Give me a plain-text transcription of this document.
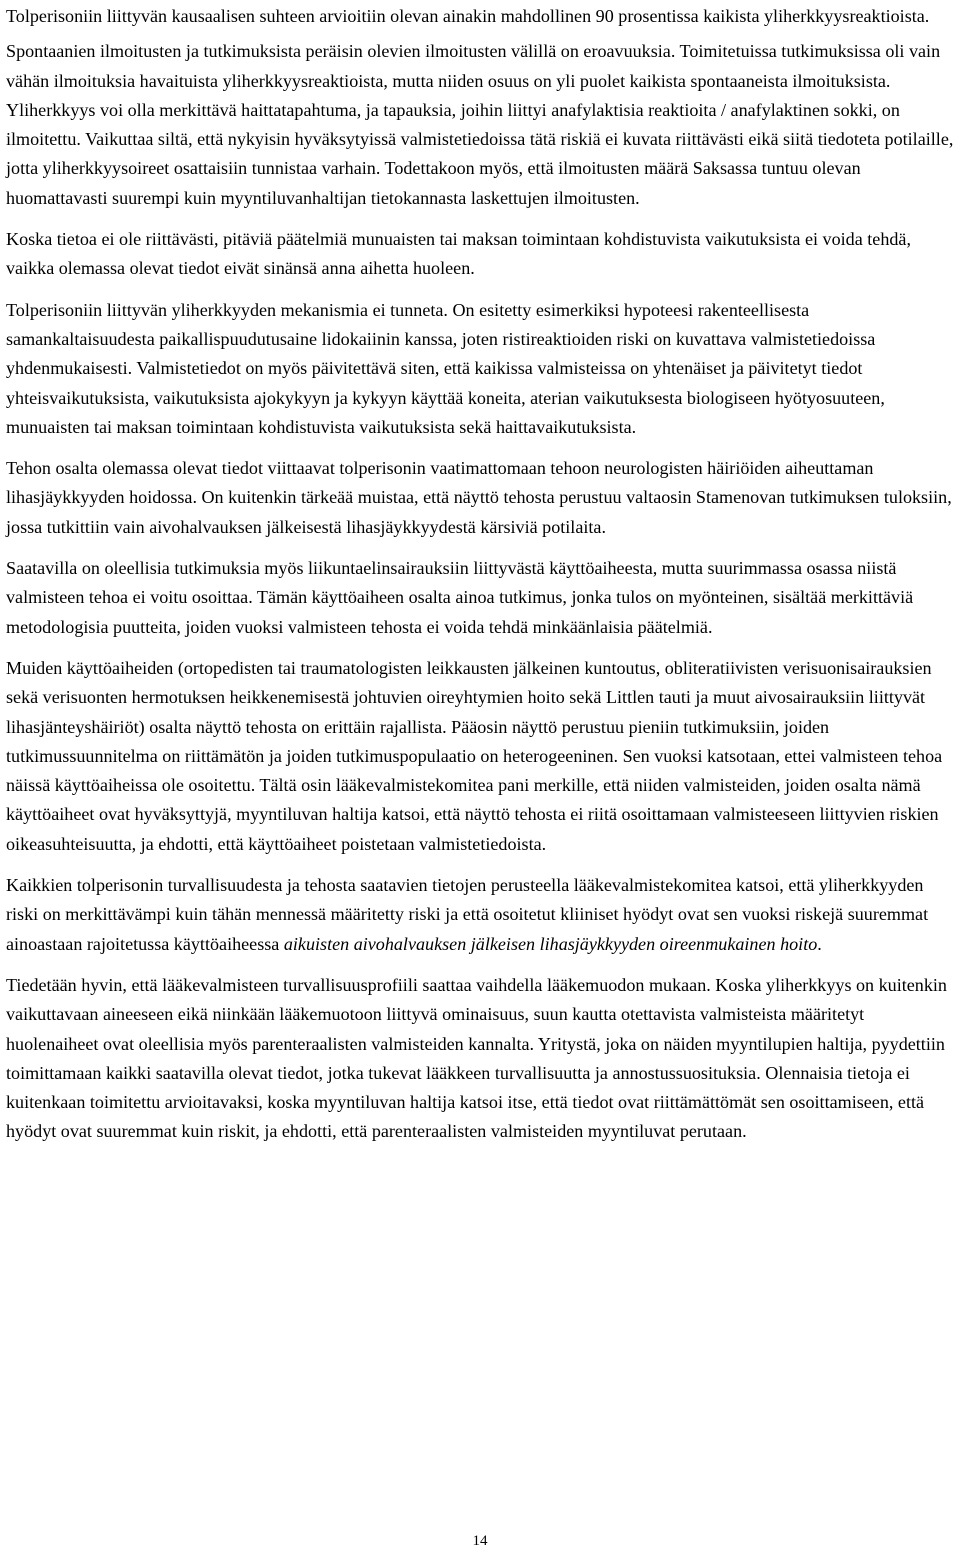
Tolperisoniin liittyvän kausaalisen suhteen arvioitiin olevan ainakin mahdollinen 90 prosentissa kaikista yliherkkyysreaktioista.

Spontaanien ilmoitusten ja tutkimuksista peräisin olevien ilmoitusten välillä on eroavuuksia. Toimitetuissa tutkimuksissa oli vain vähän ilmoituksia havaituista yliherkkyysreaktioista, mutta niiden osuus on yli puolet kaikista spontaaneista ilmoituksista. Yliherkkyys voi olla merkittävä haittatapahtuma, ja tapauksia, joihin liittyi anafylaktisia reaktioita / anafylaktinen sokki, on ilmoitettu. Vaikuttaa siltä, että nykyisin hyväksytyissä valmistetiedoissa tätä riskiä ei kuvata riittävästi eikä siitä tiedoteta potilaille, jotta yliherkkyysoireet osattaisiin tunnistaa varhain. Todettakoon myös, että ilmoitusten määrä Saksassa tuntuu olevan huomattavasti suurempi kuin myyntiluvanhaltijan tietokannasta laskettujen ilmoitusten.

Koska tietoa ei ole riittävästi, pitäviä päätelmiä munuaisten tai maksan toimintaan kohdistuvista vaikutuksista ei voida tehdä, vaikka olemassa olevat tiedot eivät sinänsä anna aihetta huoleen.

Tolperisoniin liittyvän yliherkkyyden mekanismia ei tunneta. On esitetty esimerkiksi hypoteesi rakenteellisesta samankaltaisuudesta paikallispuudutusaine lidokaiinin kanssa, joten ristireaktioiden riski on kuvattava valmistetiedoissa yhdenmukaisesti. Valmistetiedot on myös päivitettävä siten, että kaikissa valmisteissa on yhtenäiset ja päivitetyt tiedot yhteisvaikutuksista, vaikutuksista ajokykyyn ja kykyyn käyttää koneita, aterian vaikutuksesta biologiseen hyötyosuuteen, munuaisten tai maksan toimintaan kohdistuvista vaikutuksista sekä haittavaikutuksista.

Tehon osalta olemassa olevat tiedot viittaavat tolperisonin vaatimattomaan tehoon neurologisten häiriöiden aiheuttaman lihasjäykkyyden hoidossa. On kuitenkin tärkeää muistaa, että näyttö tehosta perustuu valtaosin Stamenovan tutkimuksen tuloksiin, jossa tutkittiin vain aivohalvauksen jälkeisestä lihasjäykkyydestä kärsiviä potilaita.

Saatavilla on oleellisia tutkimuksia myös liikuntaelinsairauksiin liittyvästä käyttöaiheesta, mutta suurimmassa osassa niistä valmisteen tehoa ei voitu osoittaa. Tämän käyttöaiheen osalta ainoa tutkimus, jonka tulos on myönteinen, sisältää merkittäviä metodologisia puutteita, joiden vuoksi valmisteen tehosta ei voida tehdä minkäänlaisia päätelmiä.

Muiden käyttöaiheiden (ortopedisten tai traumatologisten leikkausten jälkeinen kuntoutus, obliteratiivisten verisuonisairauksien sekä verisuonten hermotuksen heikkenemisestä johtuvien oireyhtymien hoito sekä Littlen tauti ja muut aivosairauksiin liittyvät lihasjänteyshäiriöt) osalta näyttö tehosta on erittäin rajallista. Pääosin näyttö perustuu pieniin tutkimuksiin, joiden tutkimussuunnitelma on riittämätön ja joiden tutkimuspopulaatio on heterogeeninen. Sen vuoksi katsotaan, ettei valmisteen tehoa näissä käyttöaiheissa ole osoitettu. Tältä osin lääkevalmistekomitea pani merkille, että niiden valmisteiden, joiden osalta nämä käyttöaiheet ovat hyväksyttyjä, myyntiluvan haltija katsoi, että näyttö tehosta ei riitä osoittamaan valmisteeseen liittyvien riskien oikeasuhteisuutta, ja ehdotti, että käyttöaiheet poistetaan valmistetiedoista.

Kaikkien tolperisonin turvallisuudesta ja tehosta saatavien tietojen perusteella lääkevalmistekomitea katsoi, että yliherkkyyden riski on merkittävämpi kuin tähän mennessä määritetty riski ja että osoitetut kliiniset hyödyt ovat sen vuoksi riskejä suuremmat ainoastaan rajoitetussa käyttöaiheessa aikuisten aivohalvauksen jälkeisen lihasjäykkyyden oireenmukainen hoito.

Tiedetään hyvin, että lääkevalmisteen turvallisuusprofiili saattaa vaihdella lääkemuodon mukaan. Koska yliherkkyys on kuitenkin vaikuttavaan aineeseen eikä niinkään lääkemuotoon liittyvä ominaisuus, suun kautta otettavista valmisteista määritetyt huolenaiheet ovat oleellisia myös parenteraalisten valmisteiden kannalta. Yritystä, joka on näiden myyntilupien haltija, pyydettiin toimittamaan kaikki saatavilla olevat tiedot, jotka tukevat lääkkeen turvallisuutta ja annostussuosituksia. Olennaisia tietoja ei kuitenkaan toimitettu arvioitavaksi, koska myyntiluvan haltija katsoi itse, että tiedot ovat riittämättömät sen osoittamiseen, että hyödyt ovat suuremmat kuin riskit, ja ehdotti, että parenteraalisten valmisteiden myyntiluvat perutaan.

14
